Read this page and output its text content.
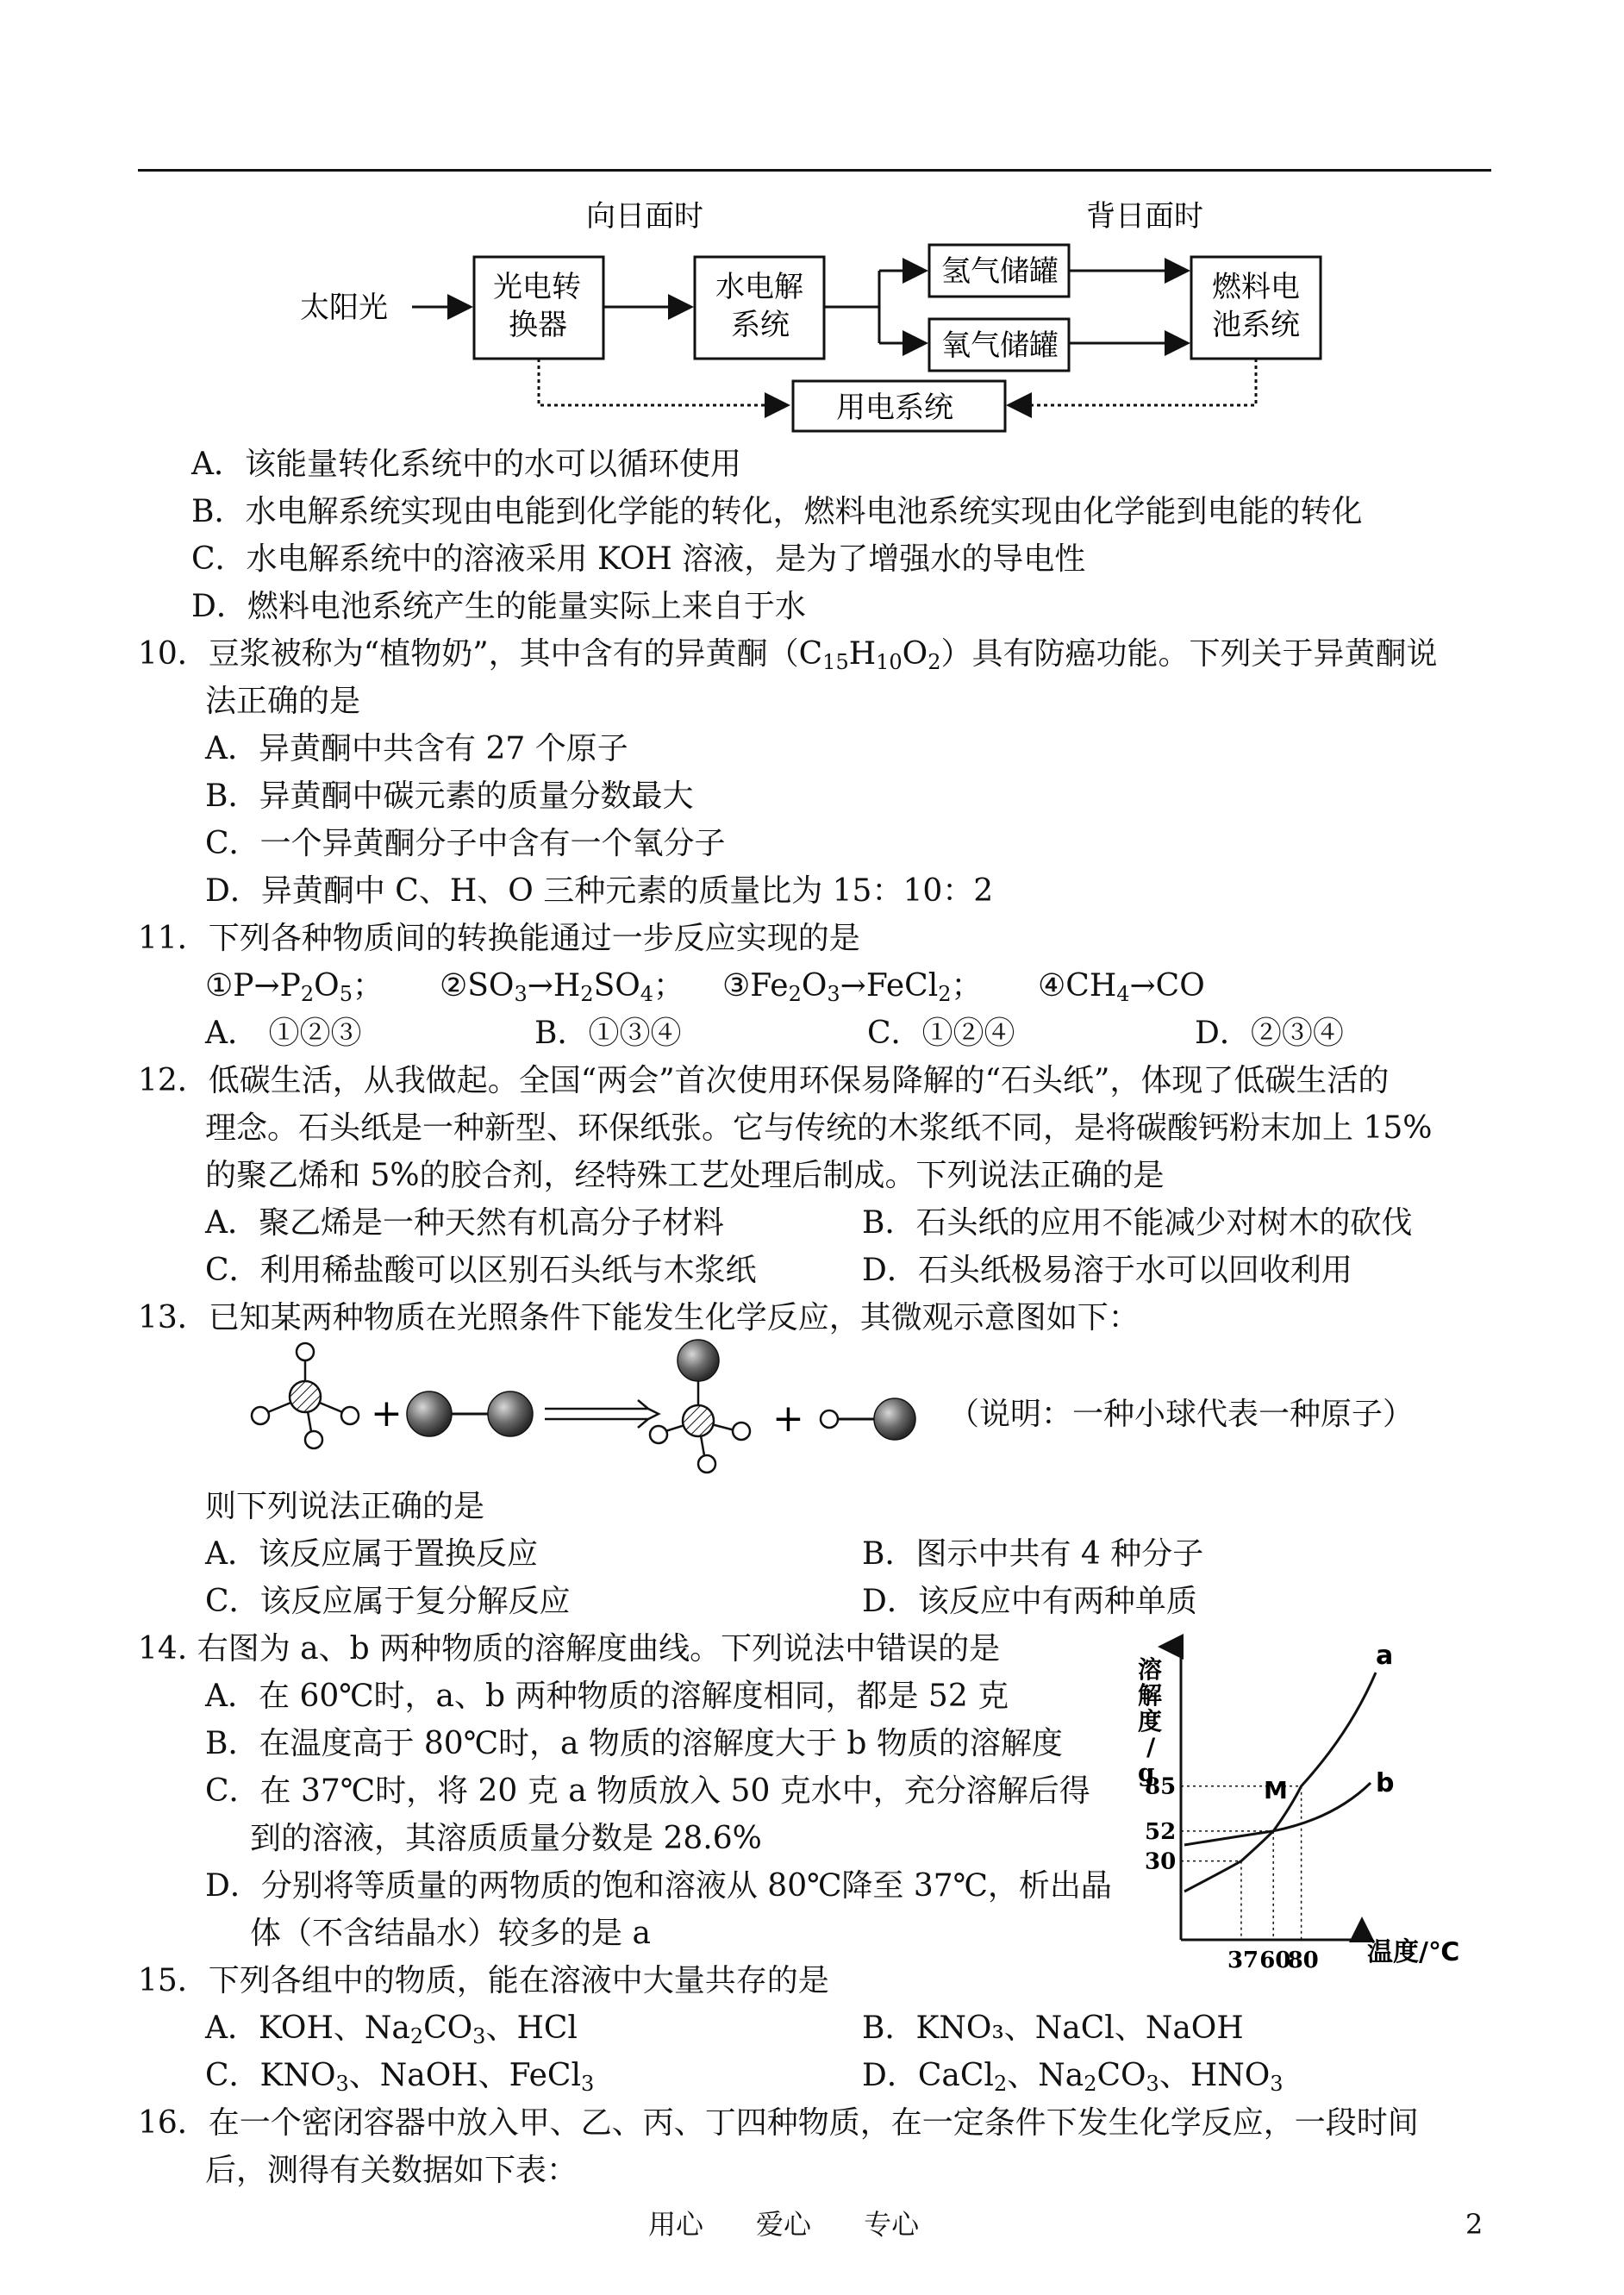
向日面时	背日面时
太阳光
光电转
换器
水电解
系统
氢气储罐
氧气储罐
燃料电
池系统
用电系统
A．该能量转化系统中的水可以循环使用
B．水电解系统实现由电能到化学能的转化，燃料电池系统实现由化学能到电能的转化
C．水电解系统中的溶液采用 KOH 溶液，是为了增强水的导电性
D．燃料电池系统产生的能量实际上来自于水
10．豆浆被称为“植物奶”，其中含有的异黄酮$(C_{15}H_{10}O_2)$具有防癌功能。下列关于异黄酮说
法正确的是
A．异黄酮中共含有 27 个原子
B．异黄酮中碳元素的质量分数最大
C．一个异黄酮分子中含有一个氧分子
D．异黄酮中 C、H、O 三种元素的质量比为 15：10：2
11．下列各种物质间的转换能通过一步反应实现的是
$①P\to P_2O_5$； $②SO_3\to H_2SO_4$； $③Fe_2O_3\to FeCl_2$； $④CH_4\to CO$
A． ①②③	B．①③④	C．①②④	D．②③④
12．低碳生活，从我做起。全国“两会”首次使用环保易降解的“石头纸”，体现了低碳生活的
理念。石头纸是一种新型、环保纸张。它与传统的木浆纸不同，是将碳酸钙粉末加上 15%
的聚乙烯和 5%的胶合剂，经特殊工艺处理后制成。下列说法正确的是
A．聚乙烯是一种天然有机高分子材料	B．石头纸的应用不能减少对树木的砍伐
C．利用稀盐酸可以区别石头纸与木浆纸	D．石头纸极易溶于水可以回收利用
13．已知某两种物质在光照条件下能发生化学反应，其微观示意图如下：
+	+	（说明：一种小球代表一种原子）
则下列说法正确的是
A．该反应属于置换反应	B．图示中共有 4 种分子
C．该反应属于复分解反应	D．该反应中有两种单质
14. 右图为 a、b 两种物质的溶解度曲线。下列说法中错误的是
A．在 60℃时，a、b 两种物质的溶解度相同，都是 52 克
B．在温度高于 80℃时，a 物质的溶解度大于 b 物质的溶解度
C．在 37℃时，将 20 克 a 物质放入 50 克水中，充分溶解后得
到的溶液，其溶质质量分数是 28.6%
D．分别将等质量的两物质的饱和溶液从 80℃降至 37℃，析出晶
体（不含结晶水）较多的是 a
溶
解
度
/
g
温度/℃
37 60
80
30
52
85
a
b
M
15．下列各组中的物质，能在溶液中大量共存的是
A．KOH、$Na_2CO_3$、HCl	B．KNO₃、NaCl、NaOH
C．$KNO_3$、NaOH、FeCl$_3$	D．CaCl$_2$、$Na_2CO_3$、$HNO_3$
16．在一个密闭容器中放入甲、乙、丙、丁四种物质，在一定条件下发生化学反应，一段时间
后，测得有关数据如下表：
用心      爱心      专心	2
